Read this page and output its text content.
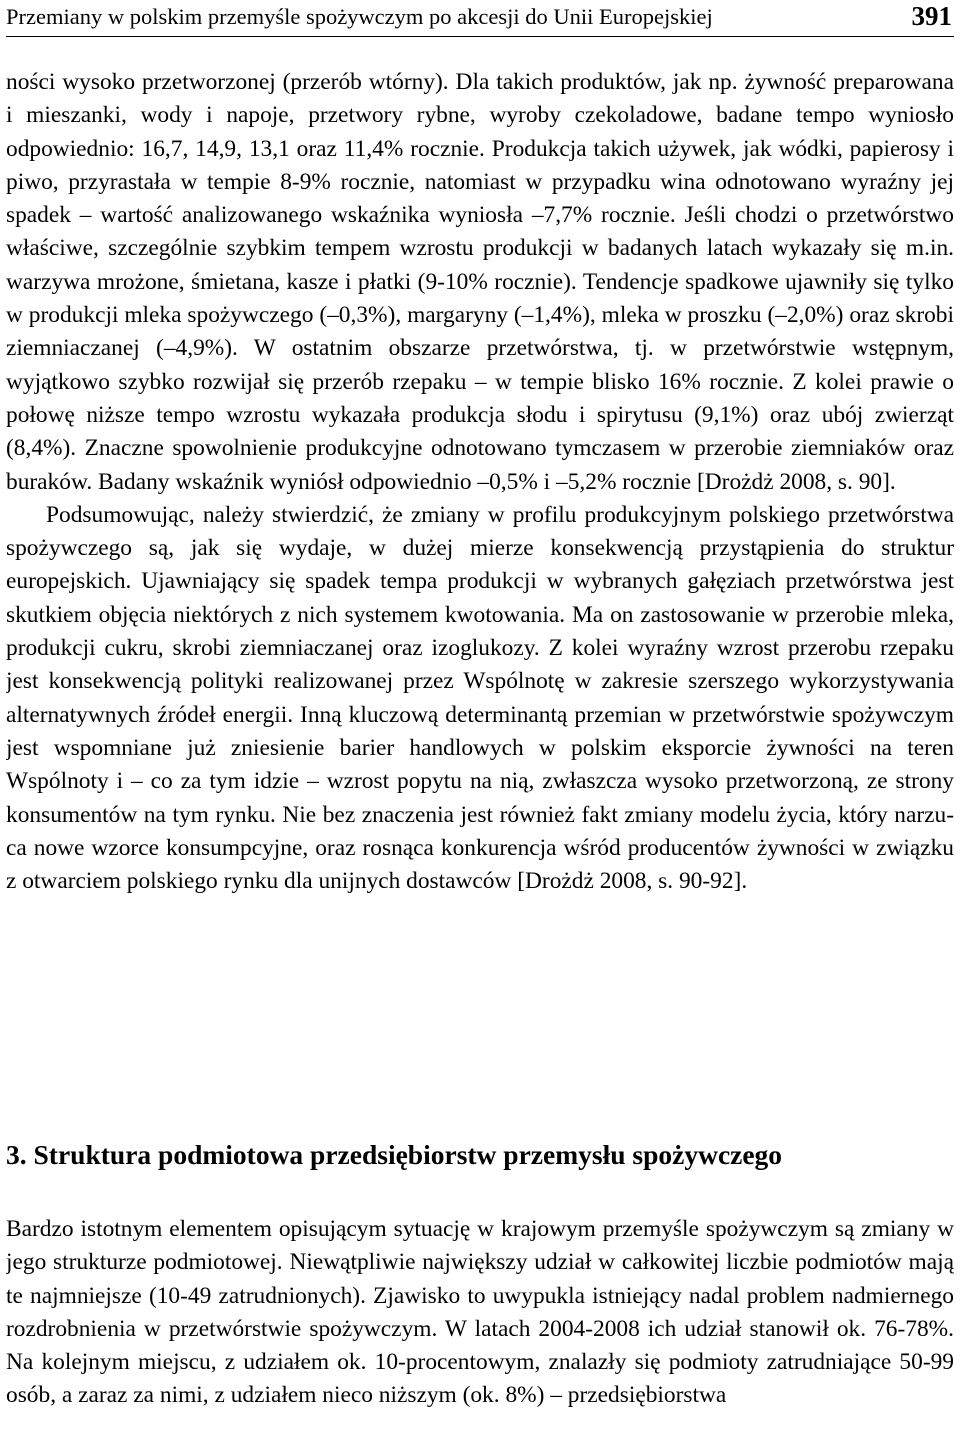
Przemiany w polskim przemyśle spożywczym po akcesji do Unii Europejskiej	391

ności wysoko przetworzonej (przerób wtórny). Dla takich produktów, jak np. żywność preparowana i mieszanki, wody i napoje, przetwory rybne, wyroby czekoladowe, badane tempo wyniosło odpowiednio: 16,7, 14,9, 13,1 oraz 11,4% rocznie. Produkcja takich używek, jak wódki, papierosy i piwo, przyrastała w tempie 8-9% rocznie, natomiast w przypadku wina odnotowano wyraźny jej spadek – wartość analizowanego wskaźnika wyniosła –7,7% rocznie. Jeśli chodzi o przetwórstwo właściwe, szczególnie szybkim tempem wzrostu produkcji w badanych latach wykazały się m.in. warzywa mrożone, śmietana, kasze i płatki (9-10% rocznie). Tendencje spadkowe ujawniły się tylko w produkcji mleka spożywczego (–0,3%), margaryny (–1,4%), mleka w proszku (–2,0%) oraz skrobi ziemniaczanej (–4,9%). W ostatnim obszarze przetwórstwa, tj. w przetwórstwie wstępnym, wyjątkowo szybko rozwijał się przerób rzepaku – w tempie blisko 16% rocznie. Z kolei prawie o połowę niższe tempo wzrostu wykazała produkcja słodu i spirytusu (9,1%) oraz ubój zwierząt (8,4%). Znaczne spowolnienie produkcyjne odnotowano tymczasem w przerobie ziemniaków oraz buraków. Badany wskaźnik wyniósł odpowiednio –0,5% i –5,2% rocznie [Drożdż 2008, s. 90].

Podsumowując, należy stwierdzić, że zmiany w profilu produkcyjnym polskiego przetwórstwa spożywczego są, jak się wydaje, w dużej mierze konsekwencją przystąpienia do struktur europejskich. Ujawniający się spadek tempa produkcji w wybranych gałęziach przetwórstwa jest skutkiem objęcia niektórych z nich systemem kwotowania. Ma on zastosowanie w przerobie mleka, produkcji cukru, skrobi ziemniaczanej oraz izoglukozy. Z kolei wyraźny wzrost przerobu rzepaku jest konsekwencją polityki realizowanej przez Wspólnotę w zakresie szerszego wykorzystywania alternatywnych źródeł energii. Inną kluczową determinantą przemian w przetwórstwie spożywczym jest wspomniane już zniesienie barier handlowych w polskim eksporcie żywności na teren Wspólnoty i – co za tym idzie – wzrost popytu na nią, zwłaszcza wysoko przetworzoną, ze strony konsumentów na tym rynku. Nie bez znaczenia jest również fakt zmiany modelu życia, który narzuca nowe wzorce konsumpcyjne, oraz rosnąca konkurencja wśród producentów żywności w związku z otwarciem polskiego rynku dla unijnych dostawców [Drożdż 2008, s. 90-92].

3. Struktura podmiotowa przedsiębiorstw przemysłu spożywczego

Bardzo istotnym elementem opisującym sytuację w krajowym przemyśle spożywczym są zmiany w jego strukturze podmiotowej. Niewątpliwie największy udział w całkowitej liczbie podmiotów mają te najmniejsze (10-49 zatrudnionych). Zjawisko to uwypukla istniejący nadal problem nadmiernego rozdrobnienia w przetwórstwie spożywczym. W latach 2004-2008 ich udział stanowił ok. 76-78%. Na kolejnym miejscu, z udziałem ok. 10-procentowym, znalazły się podmioty zatrudniające 50-99 osób, a zaraz za nimi, z udziałem nieco niższym (ok. 8%) – przedsiębiorstwa
